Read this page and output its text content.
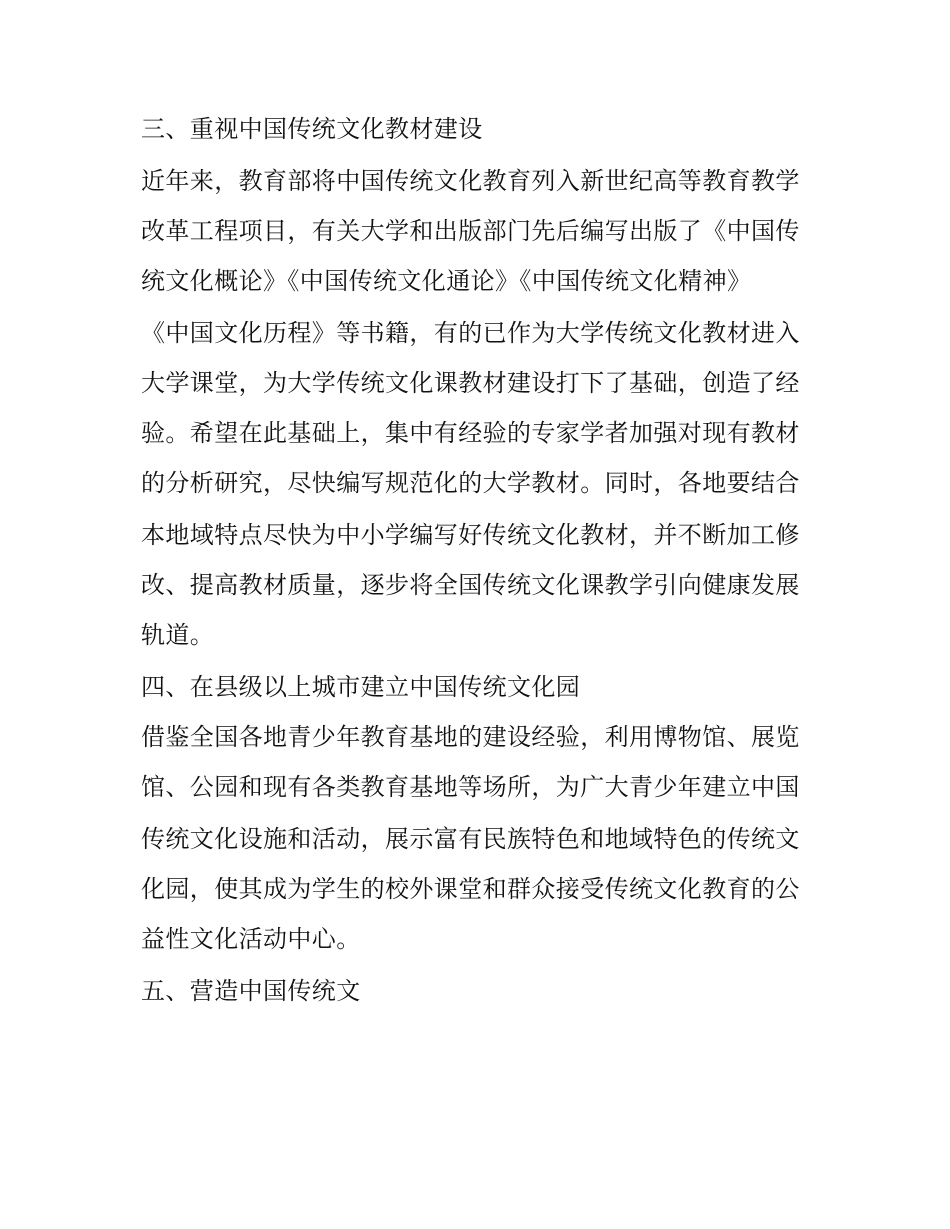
三、重视中国传统文化教材建设
近年来，教育部将中国传统文化教育列入新世纪高等教育教学
改革工程项目，有关大学和出版部门先后编写出版了《中国传
统文化概论》《中国传统文化通论》《中国传统文化精神》
《中国文化历程》等书籍，有的已作为大学传统文化教材进入
大学课堂，为大学传统文化课教材建设打下了基础，创造了经
验。希望在此基础上，集中有经验的专家学者加强对现有教材
的分析研究，尽快编写规范化的大学教材。同时，各地要结合
本地域特点尽快为中小学编写好传统文化教材，并不断加工修
改、提高教材质量，逐步将全国传统文化课教学引向健康发展
轨道。
四、在县级以上城市建立中国传统文化园
借鉴全国各地青少年教育基地的建设经验，利用博物馆、展览
馆、公园和现有各类教育基地等场所，为广大青少年建立中国
传统文化设施和活动，展示富有民族特色和地域特色的传统文
化园，使其成为学生的校外课堂和群众接受传统文化教育的公
益性文化活动中心。
五、营造中国传统文
